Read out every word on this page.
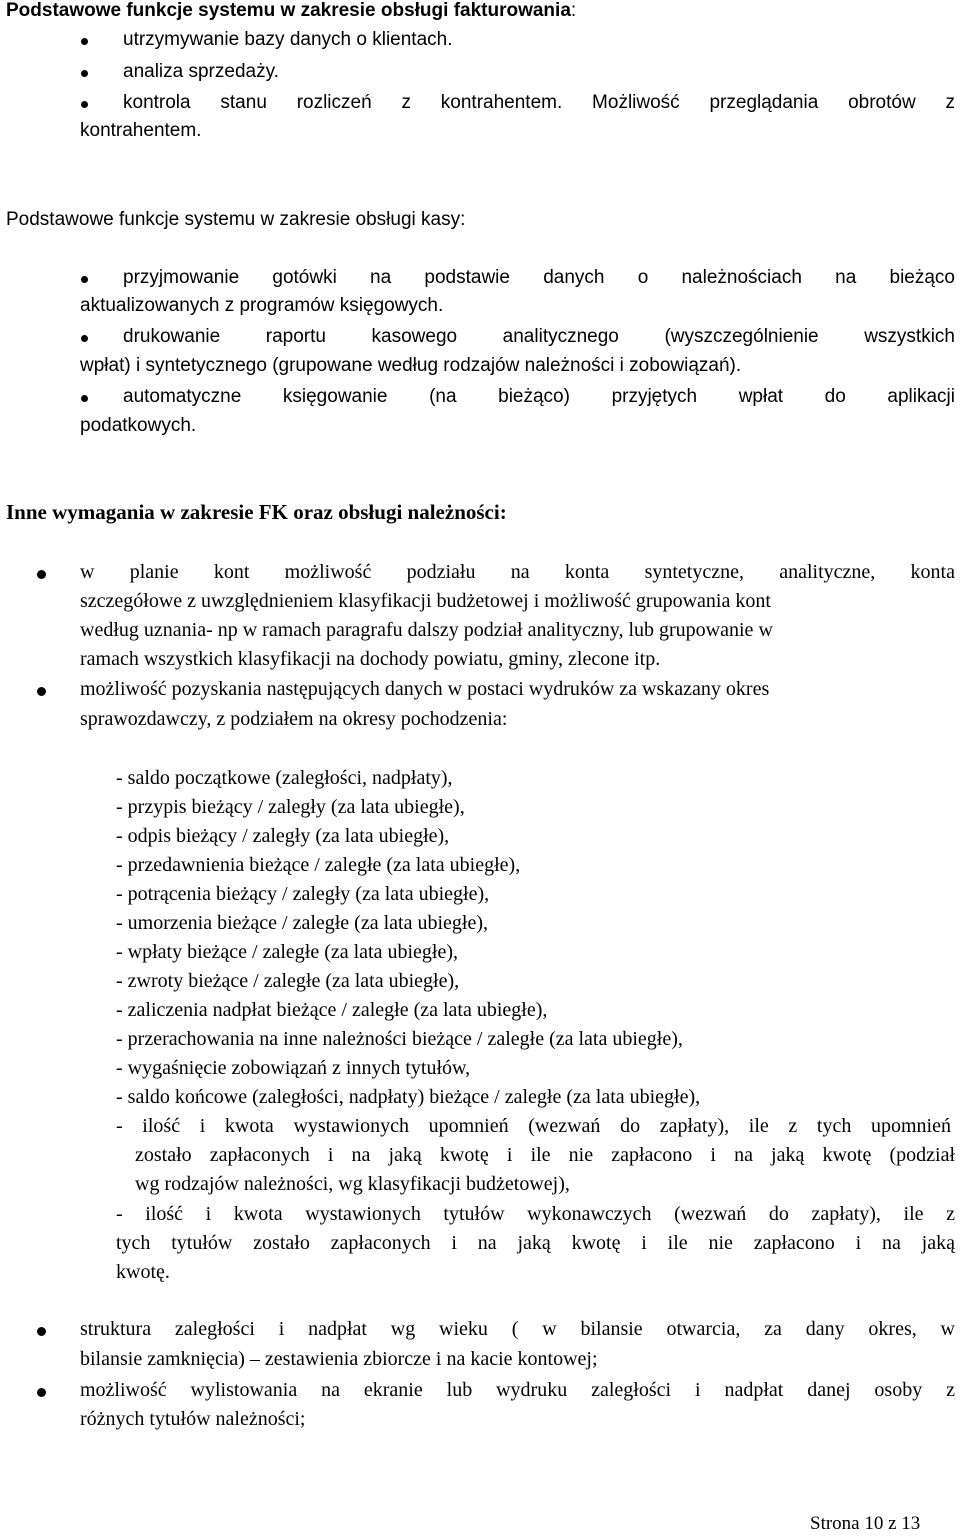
Podstawowe funkcje systemu w zakresie obsługi fakturowania:
utrzymywanie bazy danych o klientach.
analiza sprzedaży.
kontrola stanu rozliczeń z kontrahentem. Możliwość przeglądania obrotów z
kontrahentem.
Podstawowe funkcje systemu w zakresie obsługi kasy:
przyjmowanie gotówki na podstawie danych o należnościach na bieżąco
aktualizowanych z programów księgowych.
drukowanie raportu kasowego analitycznego (wyszczególnienie wszystkich
wpłat) i syntetycznego (grupowane według rodzajów należności i zobowiązań).
automatyczne księgowanie (na bieżąco) przyjętych wpłat do aplikacji
podatkowych.
Inne wymagania w zakresie FK oraz obsługi należności:
w planie kont możliwość podziału na konta syntetyczne, analityczne, konta
szczegółowe z uwzględnieniem klasyfikacji budżetowej i możliwość grupowania kont
według uznania- np w ramach paragrafu dalszy podział analityczny, lub grupowanie w
ramach wszystkich klasyfikacji na dochody powiatu, gminy, zlecone itp.
możliwość pozyskania następujących danych w postaci wydruków za wskazany okres
sprawozdawczy, z podziałem na okresy pochodzenia:
- saldo początkowe (zaległości, nadpłaty),
- przypis bieżący / zaległy (za lata ubiegłe),
- odpis bieżący / zaległy (za lata ubiegłe),
- przedawnienia bieżące / zaległe (za lata ubiegłe),
- potrącenia bieżący / zaległy (za lata ubiegłe),
- umorzenia bieżące / zaległe (za lata ubiegłe),
- wpłaty bieżące / zaległe (za lata ubiegłe),
- zwroty bieżące / zaległe (za lata ubiegłe),
- zaliczenia nadpłat bieżące / zaległe (za lata ubiegłe),
- przerachowania na inne należności bieżące / zaległe (za lata ubiegłe),
- wygaśnięcie zobowiązań z innych tytułów,
- saldo końcowe (zaległości, nadpłaty) bieżące / zaległe (za lata ubiegłe),
- ilość i kwota wystawionych upomnień (wezwań do zapłaty), ile z tych upomnień
zostało zapłaconych i na jaką kwotę i ile nie zapłacono i na jaką kwotę (podział
wg rodzajów należności, wg klasyfikacji budżetowej),
- ilość i kwota wystawionych tytułów wykonawczych (wezwań do zapłaty), ile z
tych tytułów zostało zapłaconych i na jaką kwotę i ile nie zapłacono i na jaką
kwotę.
struktura zaległości i nadpłat wg wieku ( w bilansie otwarcia, za dany okres, w
bilansie zamknięcia) – zestawienia zbiorcze i na kacie kontowej;
możliwość wylistowania na ekranie lub wydruku zaległości i nadpłat danej osoby z
różnych tytułów należności;
Strona 10 z 13
